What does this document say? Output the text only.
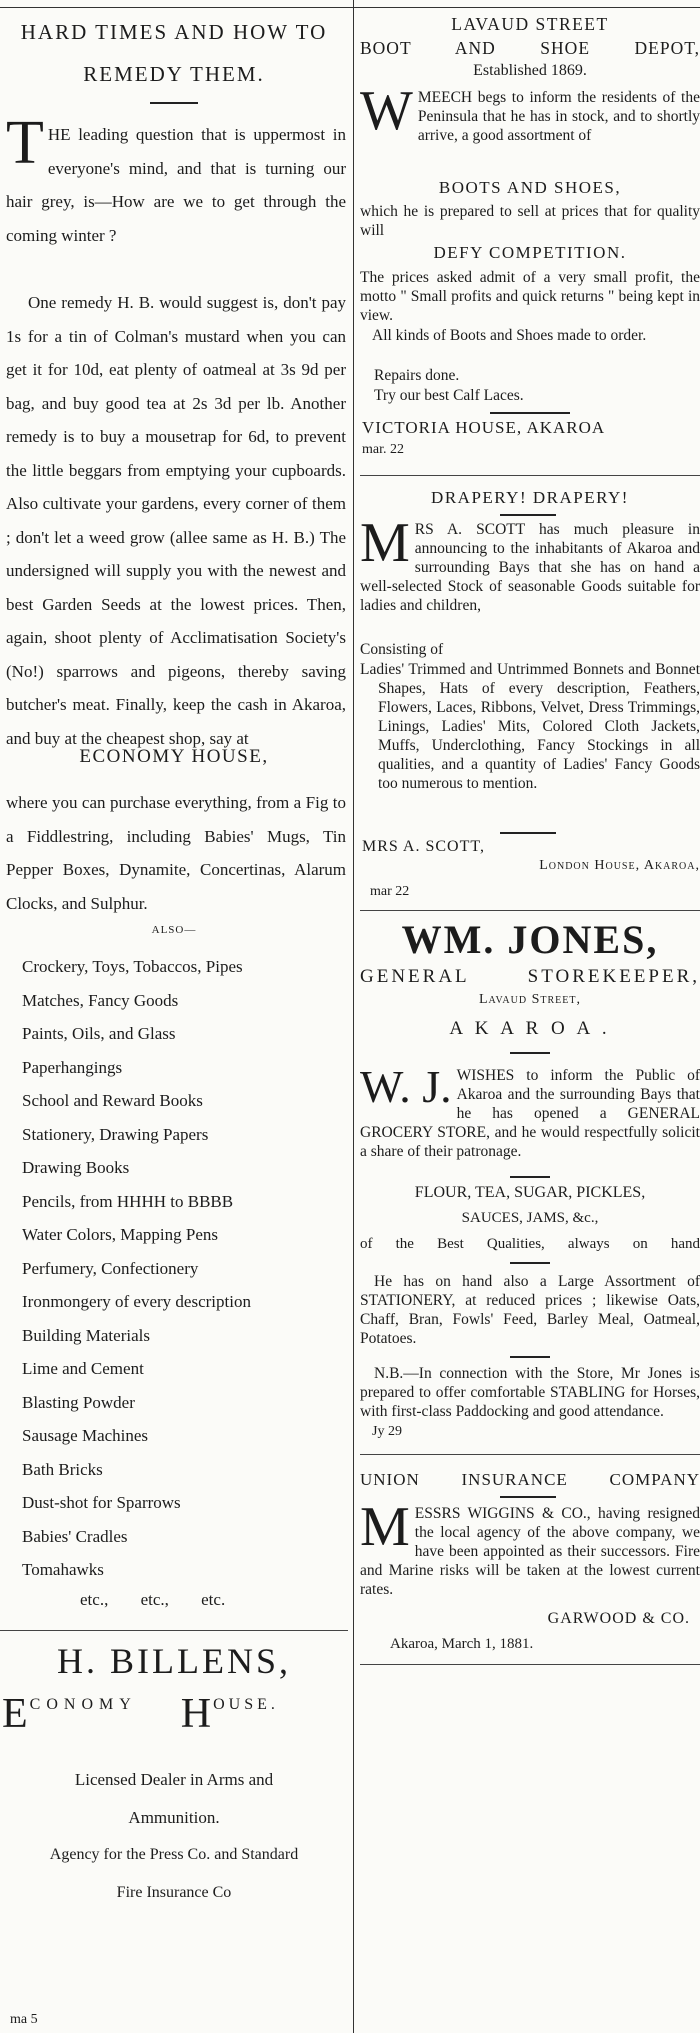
HARD TIMES AND HOW TO
REMEDY THEM.
THE leading question that is uppermost in everyone's mind, and that is turning our hair grey, is—How are we to get through the coming winter ?
One remedy H. B. would suggest is, don't pay 1s for a tin of Colman's mustard when you can get it for 10d, eat plenty of oatmeal at 3s 9d per bag, and buy good tea at 2s 3d per lb. Another remedy is to buy a mousetrap for 6d, to prevent the little beggars from emptying your cupboards. Also cultivate your gardens, every corner of them ; don't let a weed grow (allee same as H. B.) The undersigned will supply you with the newest and best Garden Seeds at the lowest prices. Then, again, shoot plenty of Acclimatisation Society's (No!) sparrows and pigeons, thereby saving butcher's meat. Finally, keep the cash in Akaroa, and buy at the cheapest shop, say at
ECONOMY HOUSE,
where you can purchase everything, from a Fig to a Fiddlestring, including Babies' Mugs, Tin Pepper Boxes, Dynamite, Concertinas, Alarum Clocks, and Sulphur.
ALSO—
Crockery, Toys, Tobaccos, Pipes
Matches, Fancy Goods
Paints, Oils, and Glass
Paperhangings
School and Reward Books
Stationery, Drawing Papers
Drawing Books
Pencils, from HHHH to BBBB
Water Colors, Mapping Pens
Perfumery, Confectionery
Ironmongery of every description
Building Materials
Lime and Cement
Blasting Powder
Sausage Machines
Bath Bricks
Dust-shot for Sparrows
Babies' Cradles
Tomahawks
etc., etc., etc.
H. BILLENS,
ECONOMY H OUSE.
Licensed Dealer in Arms and
Ammunition.
Agency for the Press Co. and Standard
Fire Insurance Co
ma 5
LAVAUD STREET
BOOT AND SHOE DEPOT,
Established 1869.
WMEECH begs to inform the residents of the Peninsula that he has in stock, and to shortly arrive, a good assortment of
BOOTS AND SHOES,
which he is prepared to sell at prices that for quality will
DEFY COMPETITION.
The prices asked admit of a very small profit, the motto " Small profits and quick returns " being kept in view.
All kinds of Boots and Shoes made to order.
Repairs done.
Try our best Calf Laces.
VICTORIA HOUSE, AKAROA
mar. 22
DRAPERY! DRAPERY!
MRS A. SCOTT has much pleasure in announcing to the inhabitants of Akaroa and surrounding Bays that she has on hand a well-selected Stock of seasonable Goods suitable for ladies and children,
Consisting of
Ladies' Trimmed and Untrimmed Bonnets and Bonnet Shapes, Hats of every description, Feathers, Flowers, Laces, Ribbons, Velvet, Dress Trimmings, Linings, Ladies' Mits, Colored Cloth Jackets, Muffs, Underclothing, Fancy Stockings in all qualities, and a quantity of Ladies' Fancy Goods too numerous to mention.
MRS A. SCOTT,
London House, Akaroa,
mar 22
WM. JONES,
GENERAL STOREKEEPER,
Lavaud Street,
A K A R O A .
W. J. WISHES to inform the Public of Akaroa and the surrounding Bays that he has opened a GENERAL GROCERY STORE, and he would respectfully solicit a share of their patronage.
FLOUR, TEA, SUGAR, PICKLES,
SAUCES, JAMS, &c.,
of the Best Qualities, always on hand
He has on hand also a Large Assortment of STATIONERY, at reduced prices ; likewise Oats, Chaff, Bran, Fowls' Feed, Barley Meal, Oatmeal, Potatoes.
N.B.—In connection with the Store, Mr Jones is prepared to offer comfortable STABLING for Horses, with first-class Paddocking and good attendance.
Jy 29
UNION INSURANCE COMPANY
MESSRS WIGGINS & CO., having resigned the local agency of the above company, we have been appointed as their successors. Fire and Marine risks will be taken at the lowest current rates.
GARWOOD & CO.
Akaroa, March 1, 1881.
